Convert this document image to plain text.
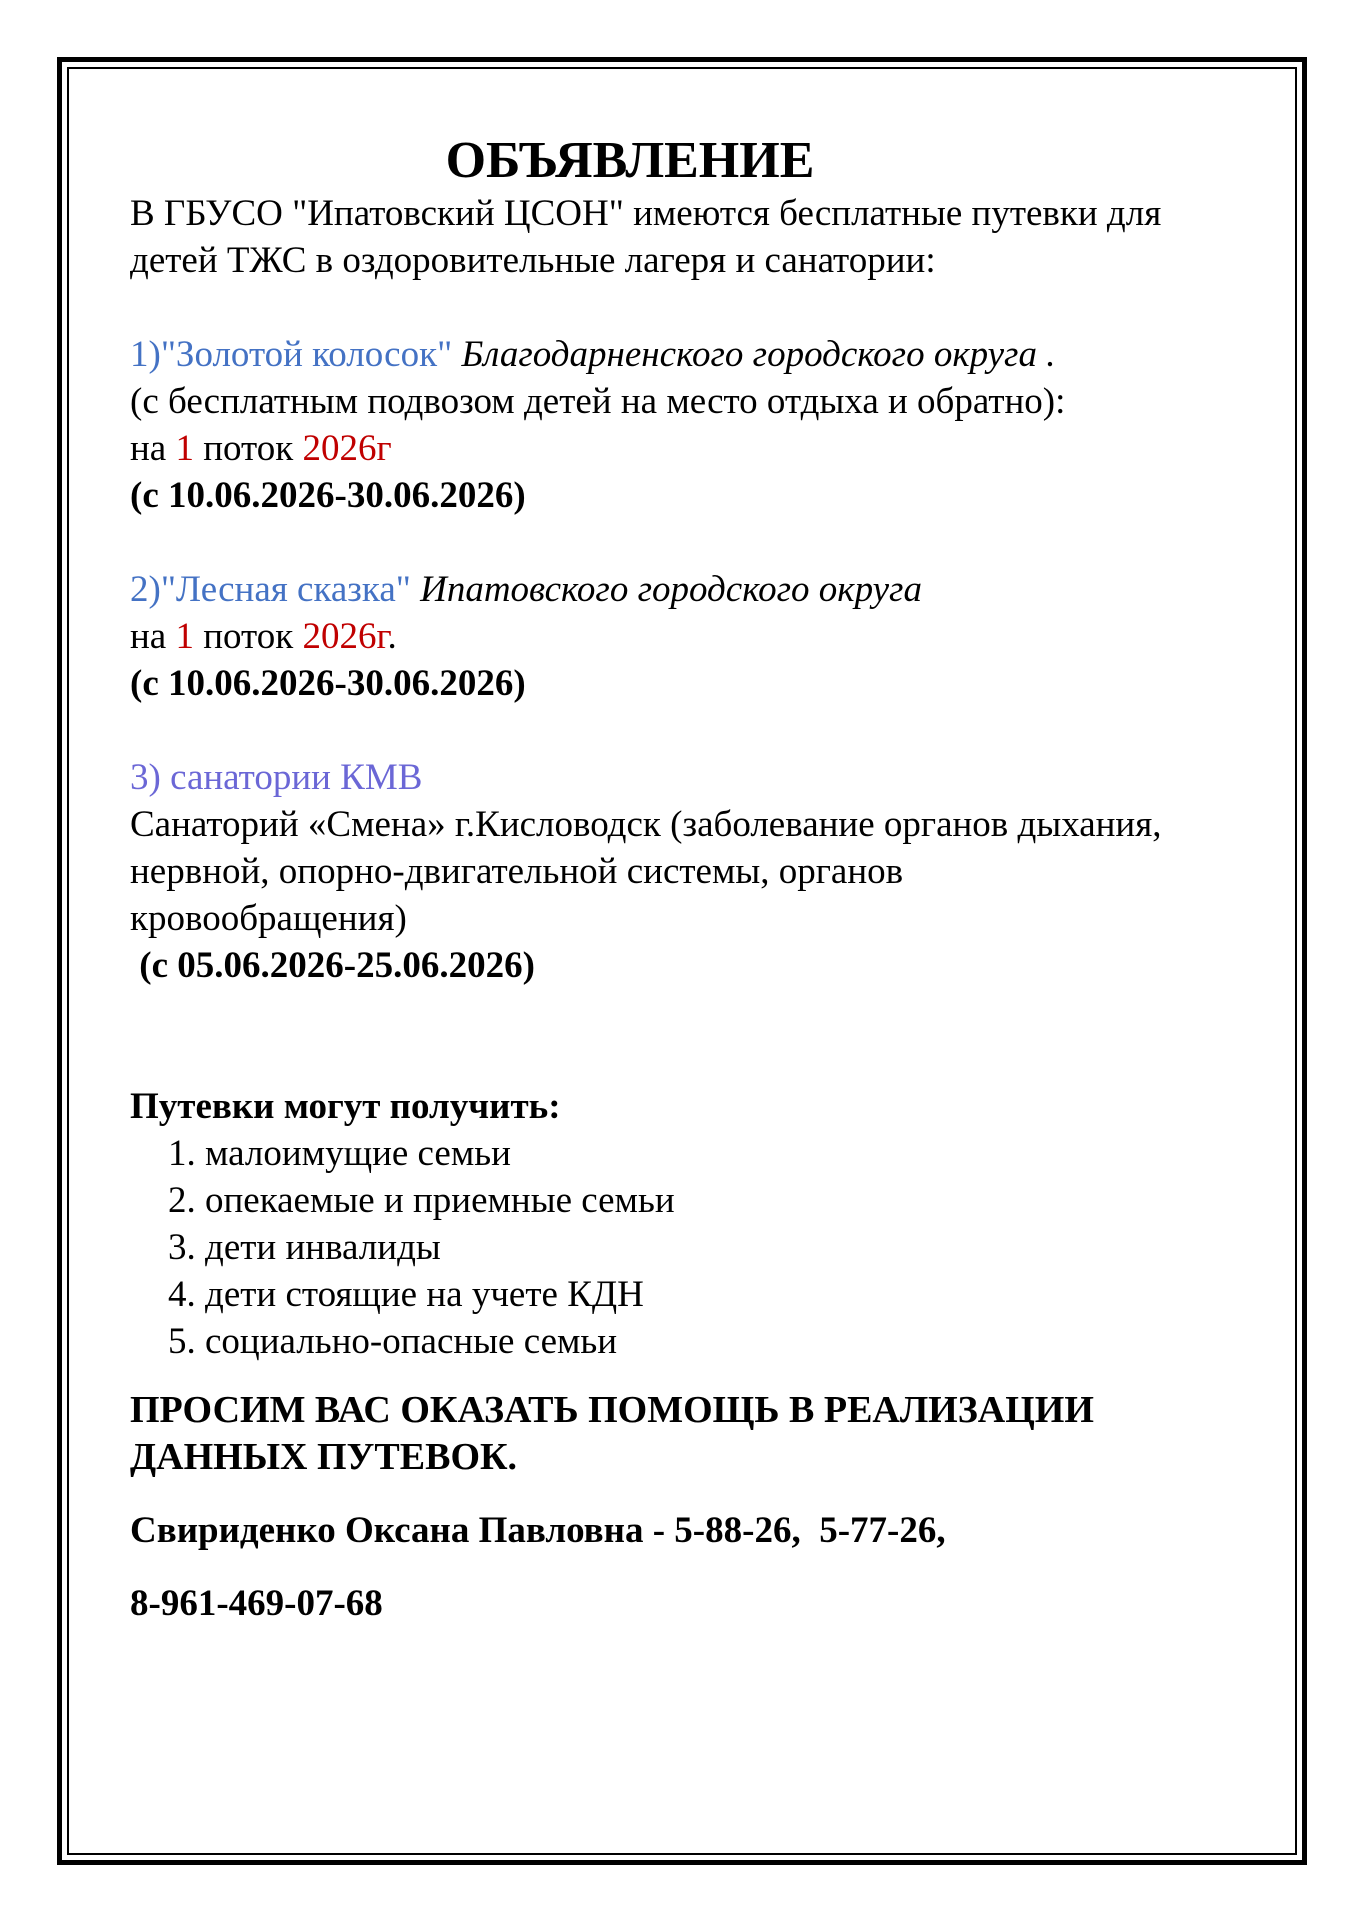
ОБЪЯВЛЕНИЕ

В ГБУСО "Ипатовский ЦСОН" имеются бесплатные путевки для

детей ТЖС в оздоровительные лагеря и санатории:

1)"Золотой колосок" Благодарненского городского округа .

(с бесплатным подвозом детей на место отдыха и обратно):

на 1 поток 2026г

(с 10.06.2026-30.06.2026)

2)"Лесная сказка" Ипатовского городского округа

на 1 поток 2026г.

(с 10.06.2026-30.06.2026)

3) санатории КМВ

Санаторий «Смена» г.Кисловодск (заболевание органов дыхания,

нервной, опорно-двигательной системы, органов

кровообращения)

(с 05.06.2026-25.06.2026)

Путевки могут получить:

1. малоимущие семьи
2. опекаемые и приемные семьи
3. дети инвалиды
4. дети стоящие на учете КДН
5. социально-опасные семьи

ПРОСИМ ВАС ОКАЗАТЬ ПОМОЩЬ В РЕАЛИЗАЦИИ

ДАННЫХ ПУТЕВОК.

Свириденко Оксана Павловна - 5-88-26,  5-77-26,

8-961-469-07-68
